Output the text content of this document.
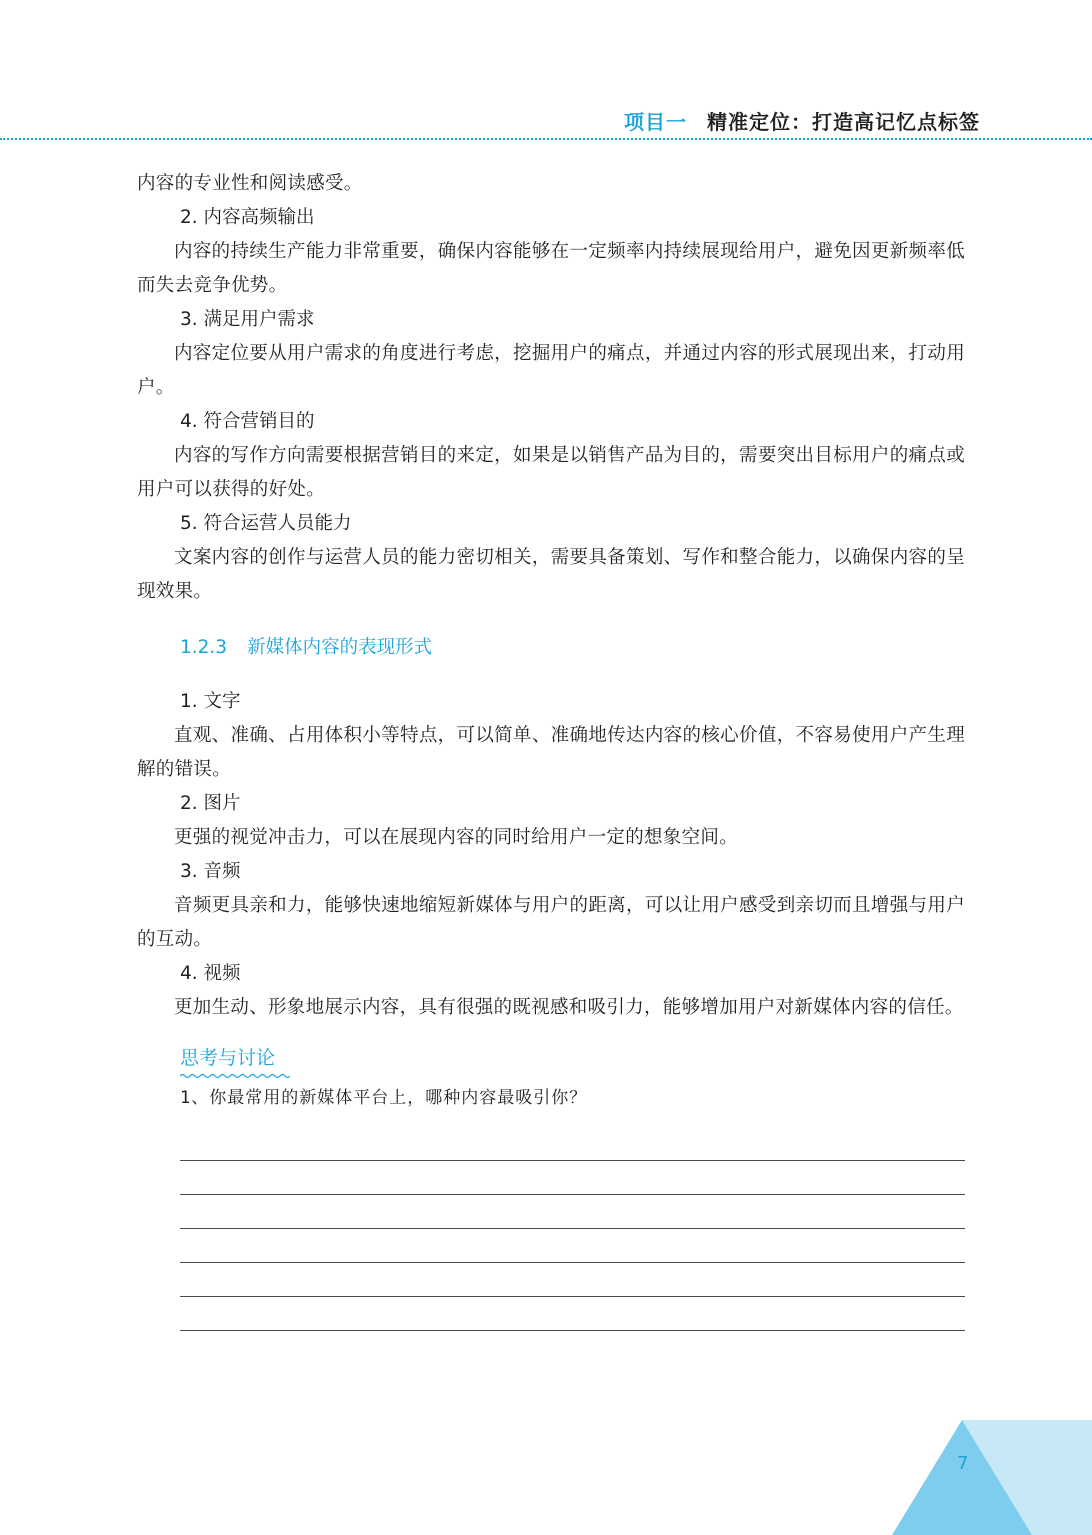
项目一 精准定位：打造高记忆点标签

内容的专业性和阅读感受。

2. 内容高频输出

内容的持续生产能力非常重要，确保内容能够在一定频率内持续展现给用户，避免因更新频率低而失去竞争优势。

3. 满足用户需求

内容定位要从用户需求的角度进行考虑，挖掘用户的痛点，并通过内容的形式展现出来，打动用户。

4. 符合营销目的

内容的写作方向需要根据营销目的来定，如果是以销售产品为目的，需要突出目标用户的痛点或用户可以获得的好处。

5. 符合运营人员能力

文案内容的创作与运营人员的能力密切相关，需要具备策划、写作和整合能力，以确保内容的呈现效果。

1.2.3 新媒体内容的表现形式

1. 文字

直观、准确、占用体积小等特点，可以简单、准确地传达内容的核心价值，不容易使用户产生理解的错误。

2. 图片

更强的视觉冲击力，可以在展现内容的同时给用户一定的想象空间。

3. 音频

音频更具亲和力，能够快速地缩短新媒体与用户的距离，可以让用户感受到亲切而且增强与用户的互动。

4. 视频

更加生动、形象地展示内容，具有很强的既视感和吸引力，能够增加用户对新媒体内容的信任。

思考与讨论
1、你最常用的新媒体平台上，哪种内容最吸引你？
7
